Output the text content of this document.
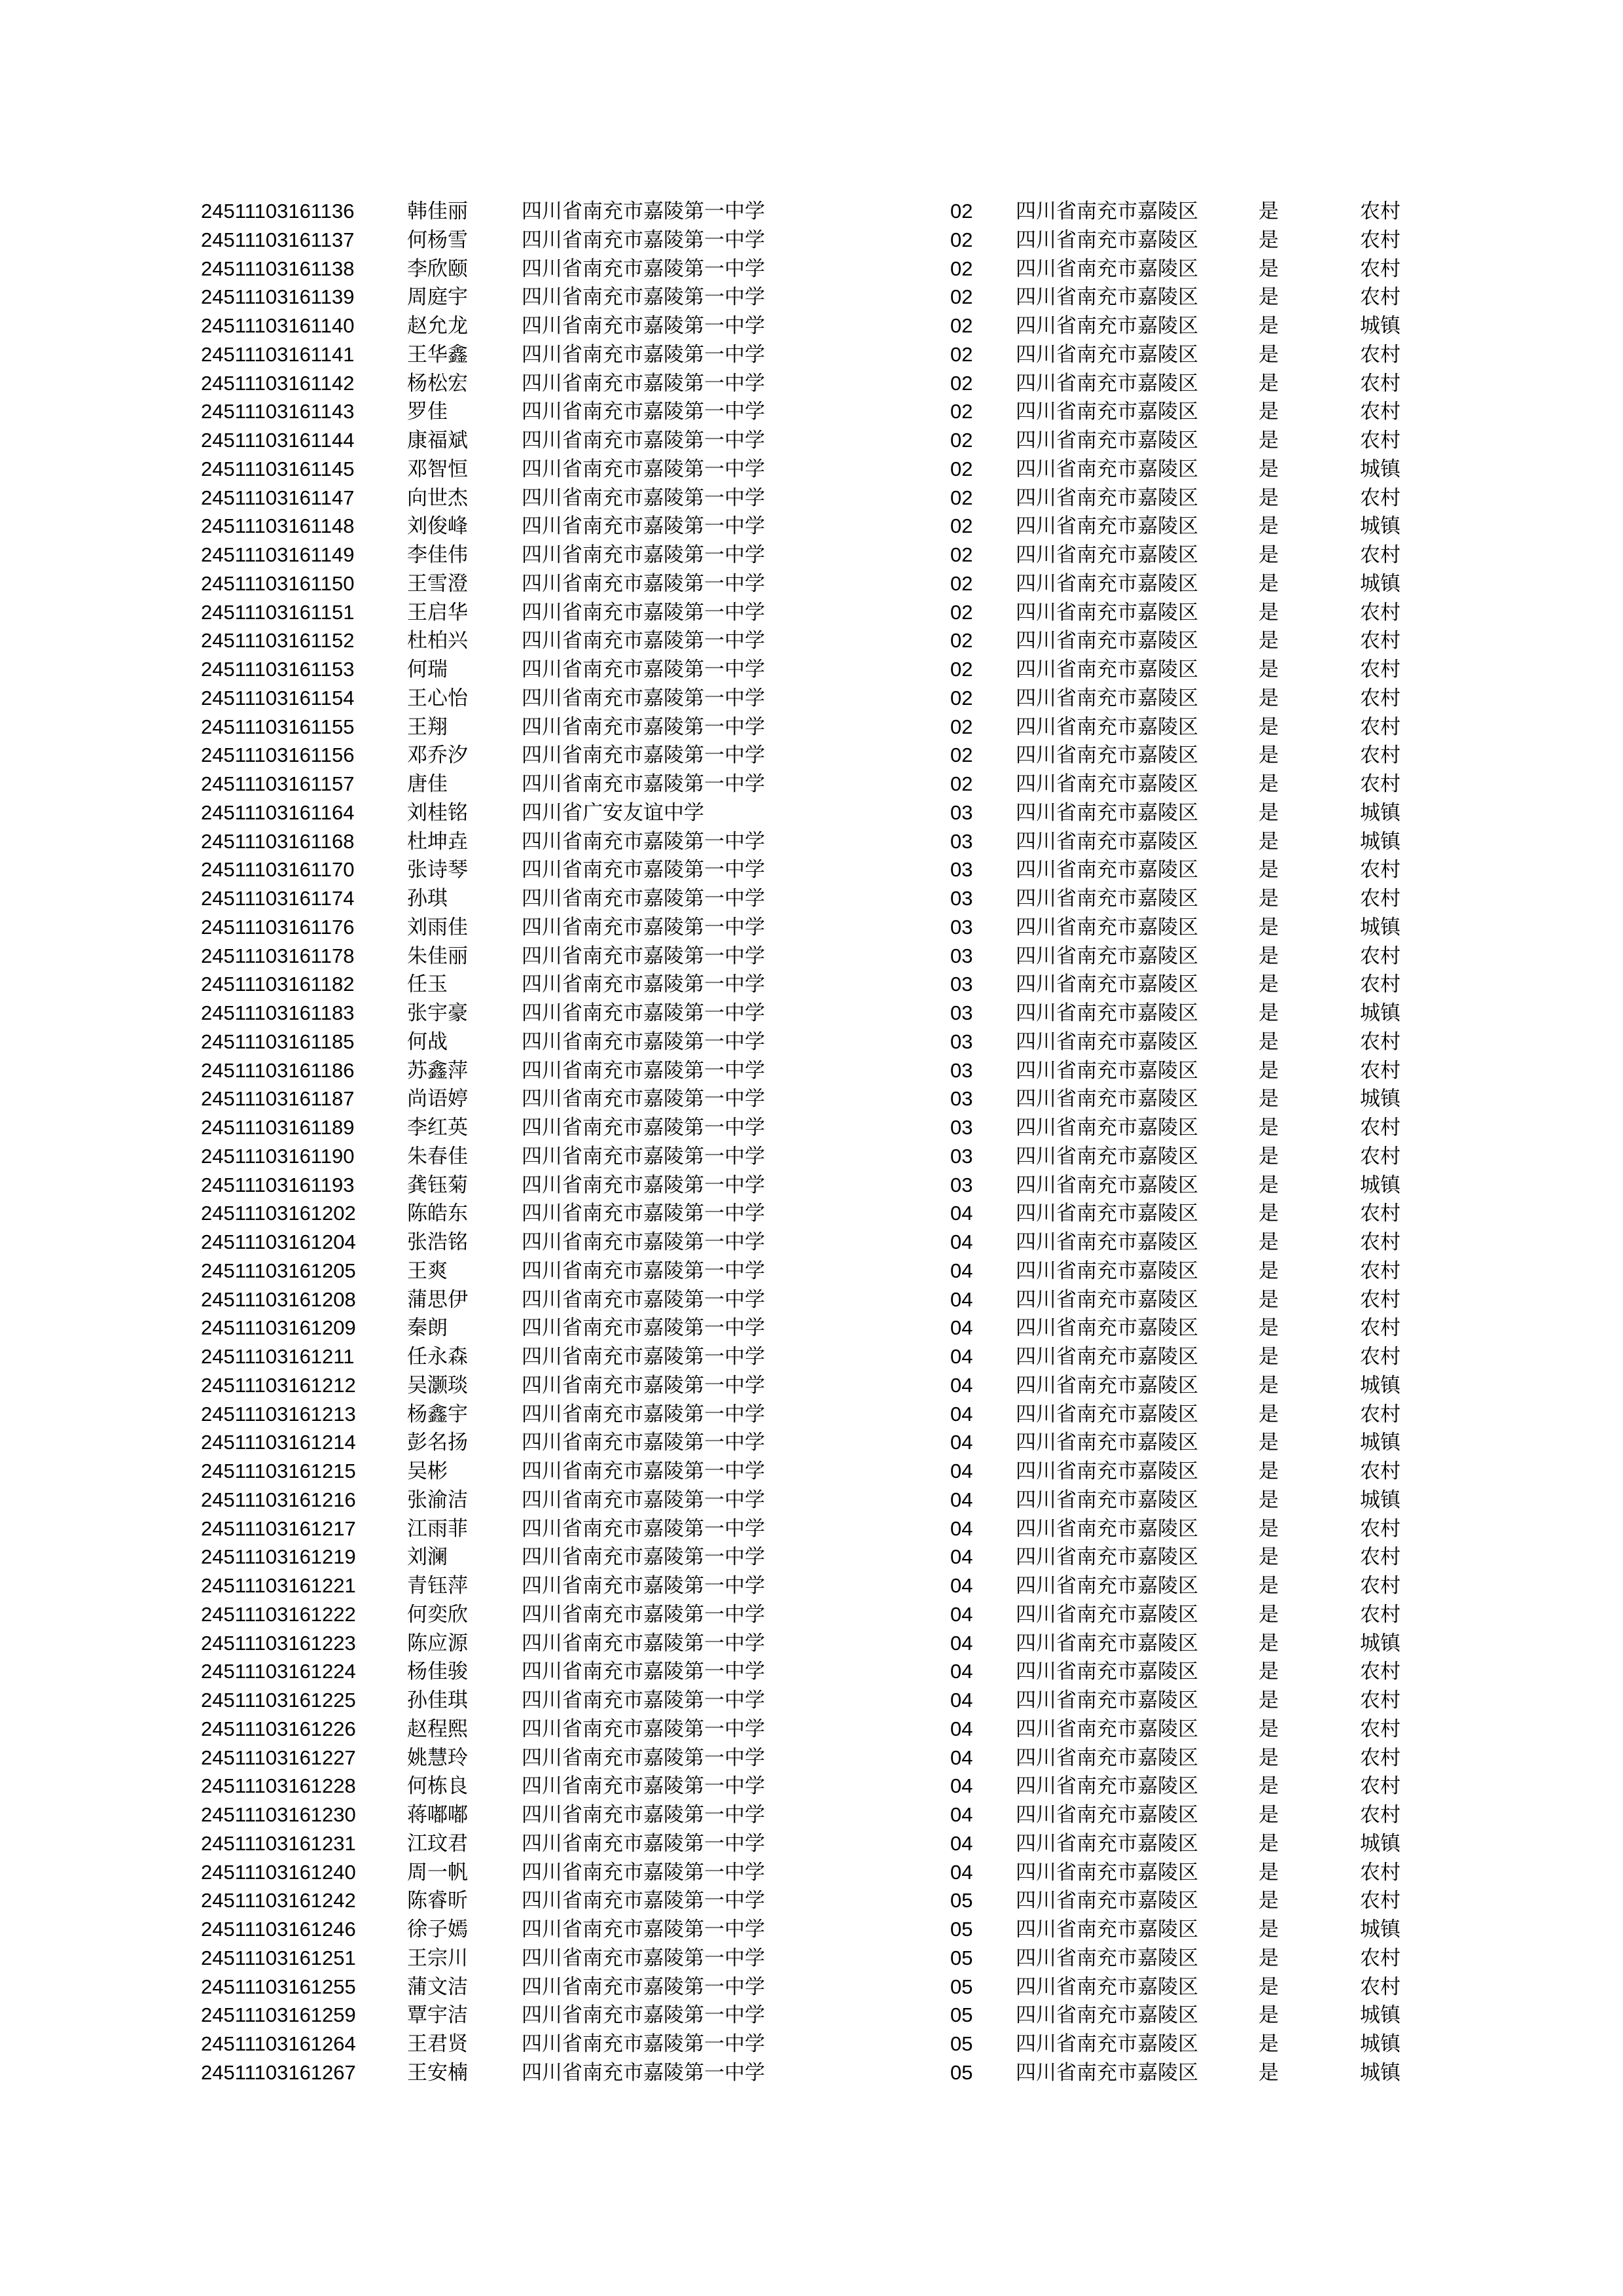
24511103161136	韩佳丽	四川省南充市嘉陵第一中学	02 四川省南充市嘉陵区	是	农村
24511103161137	何杨雪	四川省南充市嘉陵第一中学	02 四川省南充市嘉陵区	是	农村
24511103161138	李欣颐	四川省南充市嘉陵第一中学	02 四川省南充市嘉陵区	是	农村
24511103161139	周庭宇	四川省南充市嘉陵第一中学	02 四川省南充市嘉陵区	是	农村
24511103161140	赵允龙	四川省南充市嘉陵第一中学	02 四川省南充市嘉陵区	是	城镇
24511103161141	王华鑫	四川省南充市嘉陵第一中学	02 四川省南充市嘉陵区	是	农村
24511103161142	杨松宏	四川省南充市嘉陵第一中学	02 四川省南充市嘉陵区	是	农村
24511103161143	罗佳	四川省南充市嘉陵第一中学	02 四川省南充市嘉陵区	是	农村
24511103161144	康福斌	四川省南充市嘉陵第一中学	02 四川省南充市嘉陵区	是	农村
24511103161145	邓智恒	四川省南充市嘉陵第一中学	02 四川省南充市嘉陵区	是	城镇
24511103161147	向世杰	四川省南充市嘉陵第一中学	02 四川省南充市嘉陵区	是	农村
24511103161148	刘俊峰	四川省南充市嘉陵第一中学	02 四川省南充市嘉陵区	是	城镇
24511103161149	李佳伟	四川省南充市嘉陵第一中学	02 四川省南充市嘉陵区	是	农村
24511103161150	王雪澄	四川省南充市嘉陵第一中学	02 四川省南充市嘉陵区	是	城镇
24511103161151	王启华	四川省南充市嘉陵第一中学	02 四川省南充市嘉陵区	是	农村
24511103161152	杜柏兴	四川省南充市嘉陵第一中学	02 四川省南充市嘉陵区	是	农村
24511103161153	何瑞	四川省南充市嘉陵第一中学	02 四川省南充市嘉陵区	是	农村
24511103161154	王心怡	四川省南充市嘉陵第一中学	02 四川省南充市嘉陵区	是	农村
24511103161155	王翔	四川省南充市嘉陵第一中学	02 四川省南充市嘉陵区	是	农村
24511103161156	邓乔汐	四川省南充市嘉陵第一中学	02 四川省南充市嘉陵区	是	农村
24511103161157	唐佳	四川省南充市嘉陵第一中学	02 四川省南充市嘉陵区	是	农村
24511103161164	刘桂铭	四川省广安友谊中学	03 四川省南充市嘉陵区	是	城镇
24511103161168	杜坤垚	四川省南充市嘉陵第一中学	03 四川省南充市嘉陵区	是	城镇
24511103161170	张诗琴	四川省南充市嘉陵第一中学	03 四川省南充市嘉陵区	是	农村
24511103161174	孙琪	四川省南充市嘉陵第一中学	03 四川省南充市嘉陵区	是	农村
24511103161176	刘雨佳	四川省南充市嘉陵第一中学	03 四川省南充市嘉陵区	是	城镇
24511103161178	朱佳丽	四川省南充市嘉陵第一中学	03 四川省南充市嘉陵区	是	农村
24511103161182	任玉	四川省南充市嘉陵第一中学	03 四川省南充市嘉陵区	是	农村
24511103161183	张宇豪	四川省南充市嘉陵第一中学	03 四川省南充市嘉陵区	是	城镇
24511103161185	何战	四川省南充市嘉陵第一中学	03 四川省南充市嘉陵区	是	农村
24511103161186	苏鑫萍	四川省南充市嘉陵第一中学	03 四川省南充市嘉陵区	是	农村
24511103161187	尚语婷	四川省南充市嘉陵第一中学	03 四川省南充市嘉陵区	是	城镇
24511103161189	李红英	四川省南充市嘉陵第一中学	03 四川省南充市嘉陵区	是	农村
24511103161190	朱春佳	四川省南充市嘉陵第一中学	03 四川省南充市嘉陵区	是	农村
24511103161193	龚钰菊	四川省南充市嘉陵第一中学	03 四川省南充市嘉陵区	是	城镇
24511103161202	陈皓东	四川省南充市嘉陵第一中学	04 四川省南充市嘉陵区	是	农村
24511103161204	张浩铭	四川省南充市嘉陵第一中学	04 四川省南充市嘉陵区	是	农村
24511103161205	王爽	四川省南充市嘉陵第一中学	04 四川省南充市嘉陵区	是	农村
24511103161208	蒲思伊	四川省南充市嘉陵第一中学	04 四川省南充市嘉陵区	是	农村
24511103161209	秦朗	四川省南充市嘉陵第一中学	04 四川省南充市嘉陵区	是	农村
24511103161211	任永森	四川省南充市嘉陵第一中学	04 四川省南充市嘉陵区	是	农村
24511103161212	吴灏琰	四川省南充市嘉陵第一中学	04 四川省南充市嘉陵区	是	城镇
24511103161213	杨鑫宇	四川省南充市嘉陵第一中学	04 四川省南充市嘉陵区	是	农村
24511103161214	彭名扬	四川省南充市嘉陵第一中学	04 四川省南充市嘉陵区	是	城镇
24511103161215	吴彬	四川省南充市嘉陵第一中学	04 四川省南充市嘉陵区	是	农村
24511103161216	张渝洁	四川省南充市嘉陵第一中学	04 四川省南充市嘉陵区	是	城镇
24511103161217	江雨菲	四川省南充市嘉陵第一中学	04 四川省南充市嘉陵区	是	农村
24511103161219	刘澜	四川省南充市嘉陵第一中学	04 四川省南充市嘉陵区	是	农村
24511103161221	青钰萍	四川省南充市嘉陵第一中学	04 四川省南充市嘉陵区	是	农村
24511103161222	何奕欣	四川省南充市嘉陵第一中学	04 四川省南充市嘉陵区	是	农村
24511103161223	陈应源	四川省南充市嘉陵第一中学	04 四川省南充市嘉陵区	是	城镇
24511103161224	杨佳骏	四川省南充市嘉陵第一中学	04 四川省南充市嘉陵区	是	农村
24511103161225	孙佳琪	四川省南充市嘉陵第一中学	04 四川省南充市嘉陵区	是	农村
24511103161226	赵程熙	四川省南充市嘉陵第一中学	04 四川省南充市嘉陵区	是	农村
24511103161227	姚慧玲	四川省南充市嘉陵第一中学	04 四川省南充市嘉陵区	是	农村
24511103161228	何栋良	四川省南充市嘉陵第一中学	04 四川省南充市嘉陵区	是	农村
24511103161230	蒋嘟嘟	四川省南充市嘉陵第一中学	04 四川省南充市嘉陵区	是	农村
24511103161231	江玟君	四川省南充市嘉陵第一中学	04 四川省南充市嘉陵区	是	城镇
24511103161240	周一帆	四川省南充市嘉陵第一中学	04 四川省南充市嘉陵区	是	农村
24511103161242	陈睿昕	四川省南充市嘉陵第一中学	05 四川省南充市嘉陵区	是	农村
24511103161246	徐子嫣	四川省南充市嘉陵第一中学	05 四川省南充市嘉陵区	是	城镇
24511103161251	王宗川	四川省南充市嘉陵第一中学	05 四川省南充市嘉陵区	是	农村
24511103161255	蒲文洁	四川省南充市嘉陵第一中学	05 四川省南充市嘉陵区	是	农村
24511103161259	覃宇洁	四川省南充市嘉陵第一中学	05 四川省南充市嘉陵区	是	城镇
24511103161264	王君贤	四川省南充市嘉陵第一中学	05 四川省南充市嘉陵区	是	城镇
24511103161267	王安楠	四川省南充市嘉陵第一中学	05 四川省南充市嘉陵区	是	城镇
